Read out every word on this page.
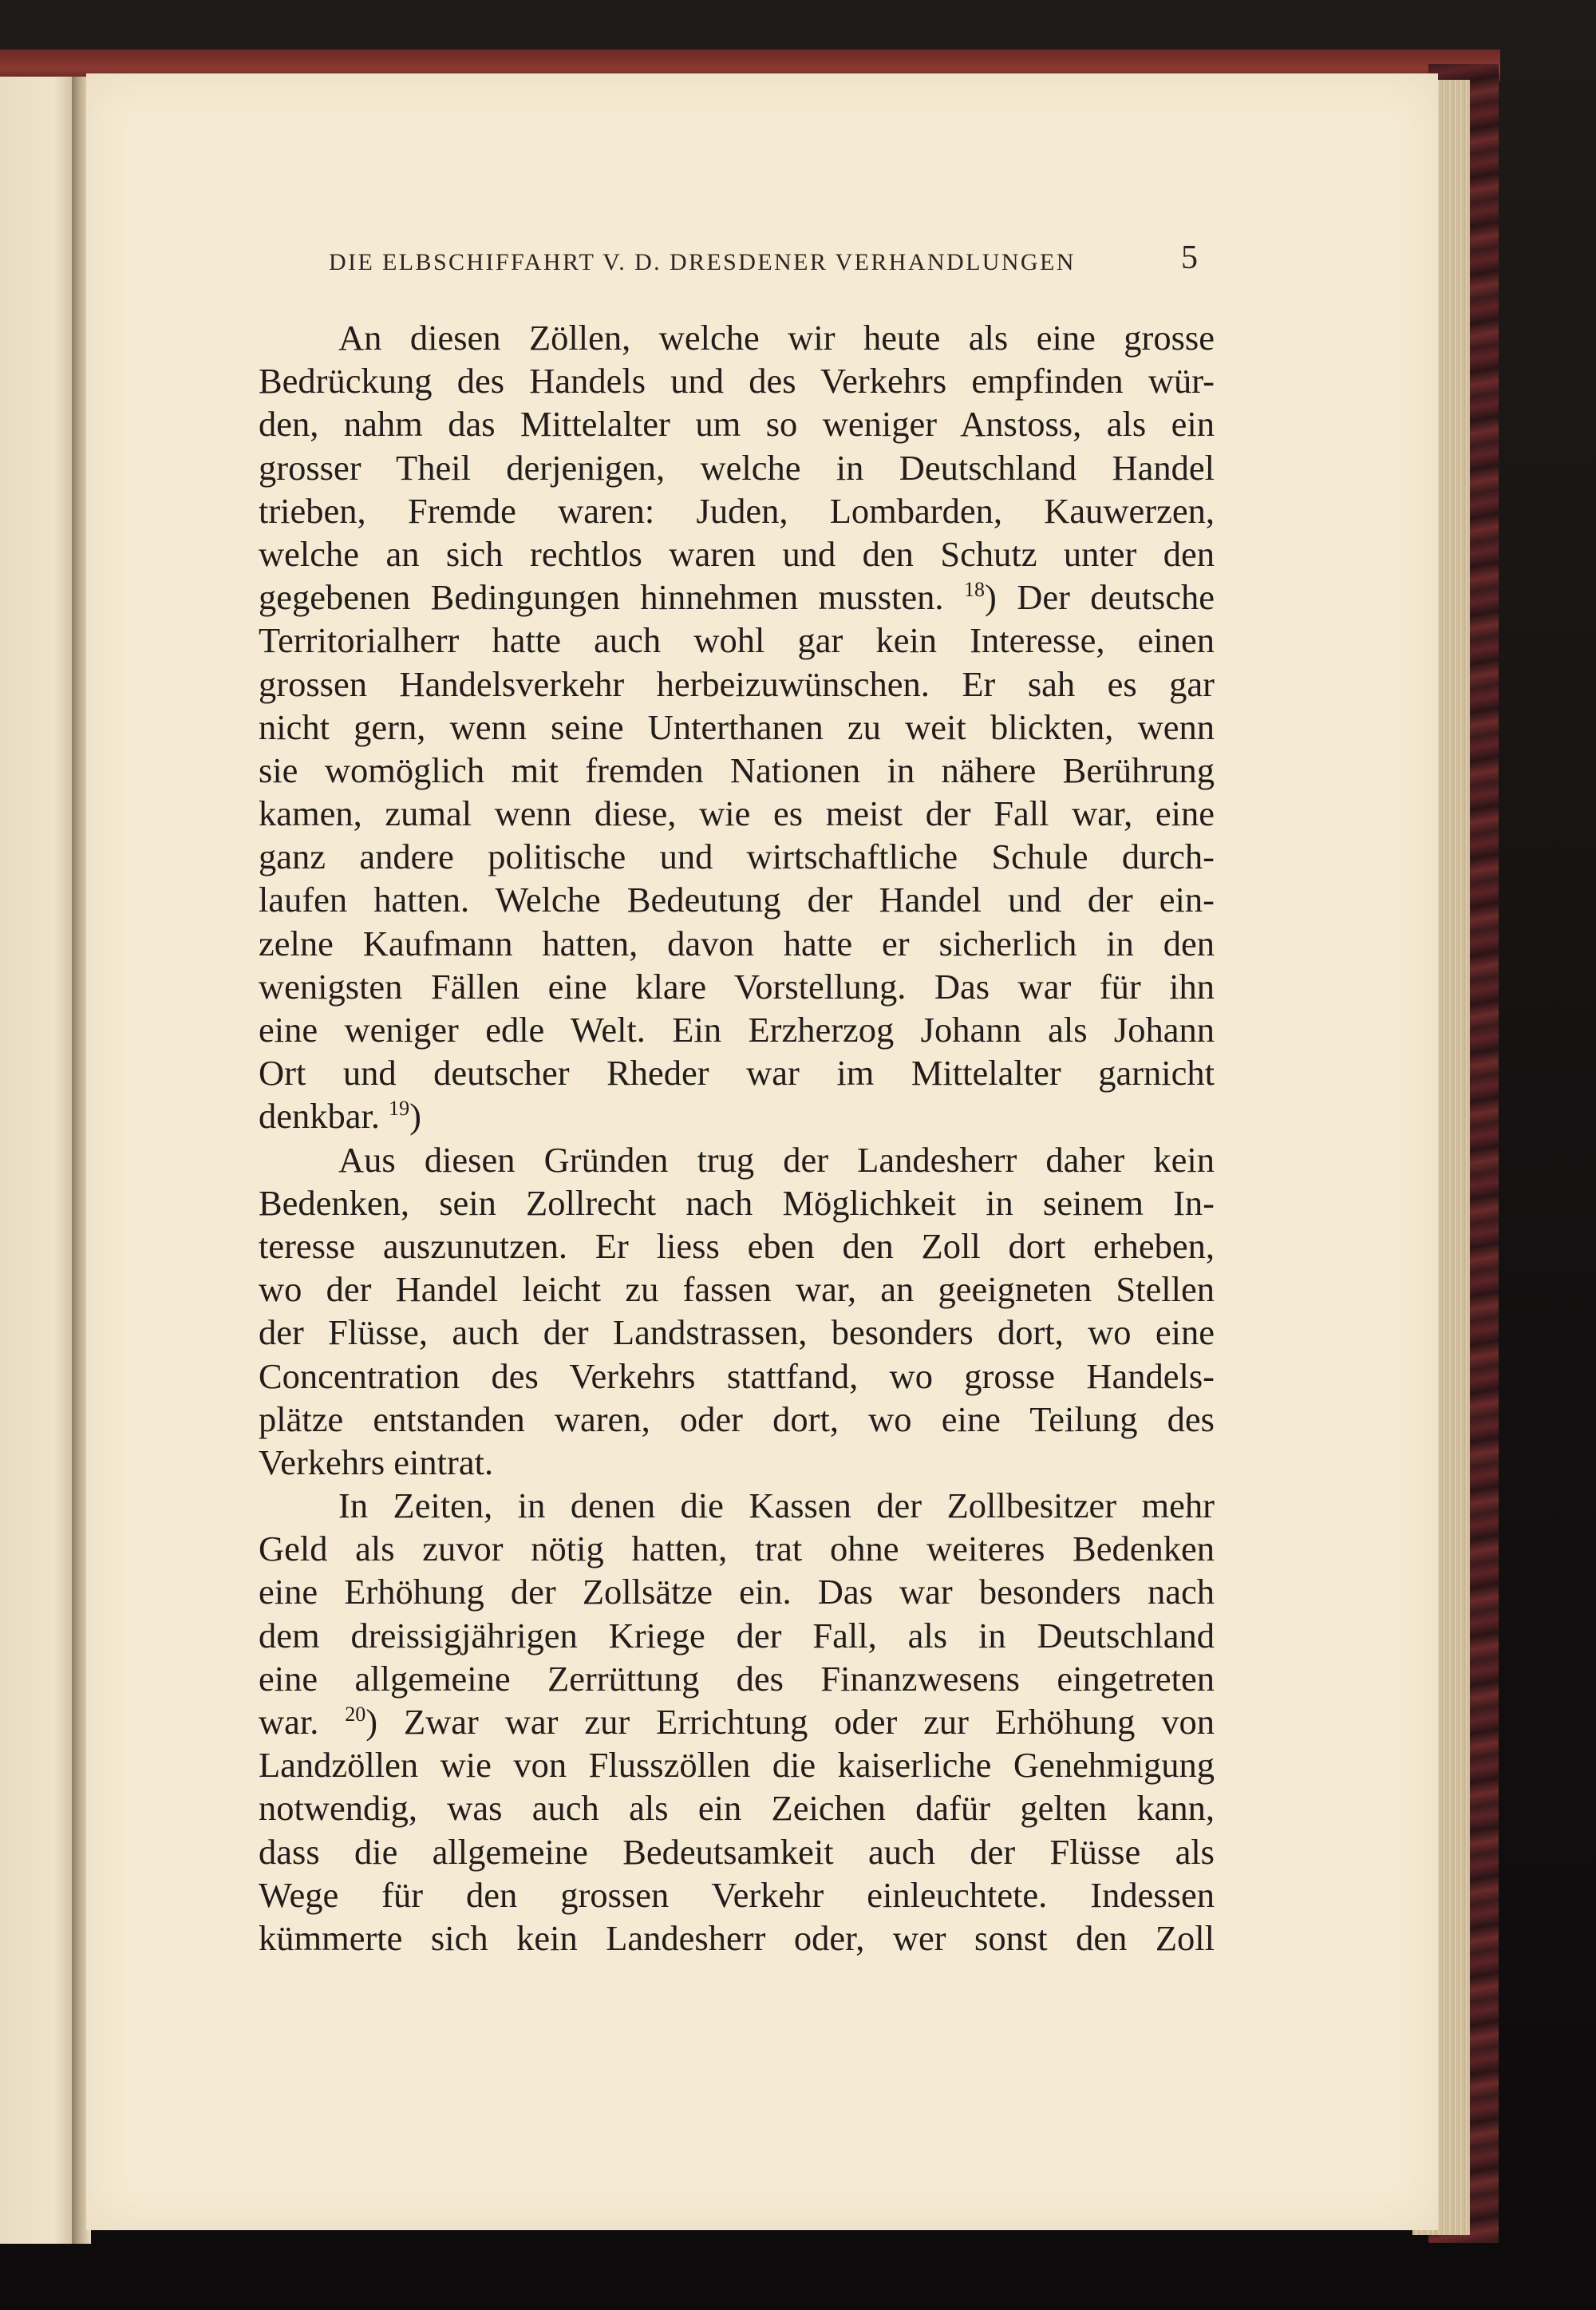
DIE ELBSCHIFFAHRT V. D. DRESDENER VERHANDLUNGEN	5
An diesen Zöllen, welche wir heute als eine grosse
Bedrückung des Handels und des Verkehrs empfinden wür-
den, nahm das Mittelalter um so weniger Anstoss, als ein
grosser Theil derjenigen, welche in Deutschland Handel
trieben, Fremde waren: Juden, Lombarden, Kauwerzen,
welche an sich rechtlos waren und den Schutz unter den
gegebenen Bedingungen hinnehmen mussten. $^{18}$) Der deutsche
Territorialherr hatte auch wohl gar kein Interesse, einen
grossen Handelsverkehr herbeizuwünschen. Er sah es gar
nicht gern, wenn seine Unterthanen zu weit blickten, wenn
sie womöglich mit fremden Nationen in nähere Berührung
kamen, zumal wenn diese, wie es meist der Fall war, eine
ganz andere politische und wirtschaftliche Schule durch-
laufen hatten. Welche Bedeutung der Handel und der ein-
zelne Kaufmann hatten, davon hatte er sicherlich in den
wenigsten Fällen eine klare Vorstellung. Das war für ihn
eine weniger edle Welt. Ein Erzherzog Johann als Johann
Ort und deutscher Rheder war im Mittelalter garnicht
denkbar. $^{19}$)
Aus diesen Gründen trug der Landesherr daher kein
Bedenken, sein Zollrecht nach Möglichkeit in seinem In-
teresse auszunutzen. Er liess eben den Zoll dort erheben,
wo der Handel leicht zu fassen war, an geeigneten Stellen
der Flüsse, auch der Landstrassen, besonders dort, wo eine
Concentration des Verkehrs stattfand, wo grosse Handels-
plätze entstanden waren, oder dort, wo eine Teilung des
Verkehrs eintrat.
In Zeiten, in denen die Kassen der Zollbesitzer mehr
Geld als zuvor nötig hatten, trat ohne weiteres Bedenken
eine Erhöhung der Zollsätze ein. Das war besonders nach
dem dreissigjährigen Kriege der Fall, als in Deutschland
eine allgemeine Zerrüttung des Finanzwesens eingetreten
war. $^{20}$) Zwar war zur Errichtung oder zur Erhöhung von
Landzöllen wie von Flusszöllen die kaiserliche Genehmigung
notwendig, was auch als ein Zeichen dafür gelten kann,
dass die allgemeine Bedeutsamkeit auch der Flüsse als
Wege für den grossen Verkehr einleuchtete. Indessen
kümmerte sich kein Landesherr oder, wer sonst den Zoll
